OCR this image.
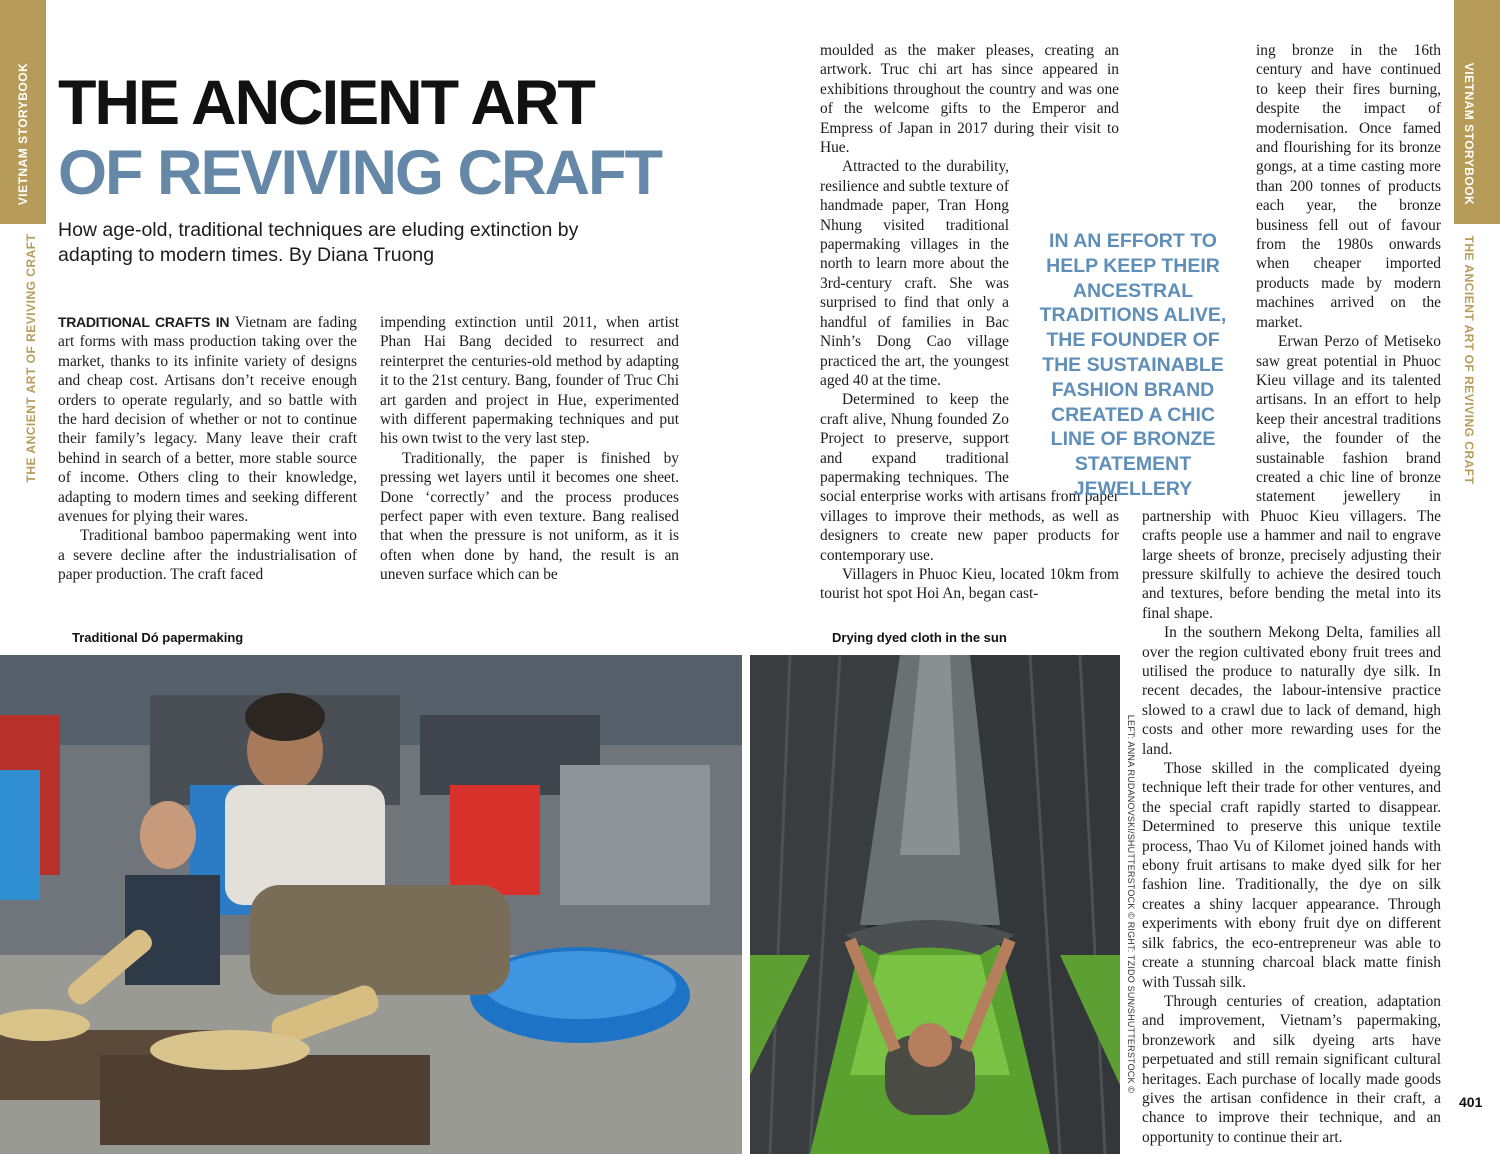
VIETNAM STORYBOOK
THE ANCIENT ART OF REVIVING CRAFT
VIETNAM STORYBOOK
THE ANCIENT ART OF REVIVING CRAFT
THE ANCIENT ART
OF REVIVING CRAFT
How age-old, traditional techniques are eluding extinction by adapting to modern times. By Diana Truong

TRADITIONAL CRAFTS IN Vietnam are fading art forms with mass production taking over the market, thanks to its infinite variety of designs and cheap cost. Artisans don’t receive enough orders to operate regularly, and so battle with the hard decision of whether or not to continue their family’s legacy. Many leave their craft behind in search of a better, more stable source of income. Others cling to their knowledge, adapting to modern times and seeking different avenues for plying their wares.

Traditional bamboo papermaking went into a severe decline after the industrialisation of paper production. The craft faced

impending extinction until 2011, when artist Phan Hai Bang decided to resurrect and reinterpret the centuries-old method by adapting it to the 21st century. Bang, founder of Truc Chi art garden and project in Hue, experimented with different papermaking techniques and put his own twist to the very last step.

Traditionally, the paper is finished by pressing wet layers until it becomes one sheet. Done ‘correctly’ and the process produces perfect paper with even texture. Bang realised that when the pressure is not uniform, as it is often when done by hand, the result is an uneven surface which can be

moulded as the maker pleases, creating an artwork. Truc chi art has since appeared in exhibitions throughout the country and was one of the welcome gifts to the Emperor and Empress of Japan in 2017 during their visit to Hue.

Attracted to the durability, resilience and subtle texture of handmade paper, Tran Hong Nhung visited traditional papermaking villages in the north to learn more about the 3rd-century craft. She was surprised to find that only a handful of families in Bac Ninh’s Dong Cao village practiced the art, the youngest aged 40 at the time.

Determined to keep the craft alive, Nhung founded Zo Project to preserve, support and expand traditional papermaking techniques. The social enterprise works with artisans from paper villages to improve their methods, as well as designers to create new paper products for contemporary use.

Villagers in Phuoc Kieu, located 10km from tourist hot spot Hoi An, began cast-

ing bronze in the 16th century and have continued to keep their fires burning, despite the impact of modernisation. Once famed and flourishing for its bronze gongs, at a time casting more than 200 tonnes of products each year, the bronze business fell out of favour from the 1980s onwards when cheaper imported products made by modern machines arrived on the market.

Erwan Perzo of Metiseko saw great potential in Phuoc Kieu village and its talented artisans. In an effort to help keep their ancestral traditions alive, the founder of the sustainable fashion brand created a chic line of bronze statement jewellery in partnership with Phuoc Kieu villagers. The crafts people use a hammer and nail to engrave large sheets of bronze, precisely adjusting their pressure skilfully to achieve the desired touch and textures, before bending the metal into its final shape.

In the southern Mekong Delta, families all over the region cultivated ebony fruit trees and utilised the produce to naturally dye silk. In recent decades, the labour-intensive practice slowed to a crawl due to lack of demand, high costs and other more rewarding uses for the land.

Those skilled in the complicated dyeing technique left their trade for other ventures, and the special craft rapidly started to disappear. Determined to preserve this unique textile process, Thao Vu of Kilomet joined hands with ebony fruit artisans to make dyed silk for her fashion line. Traditionally, the dye on silk creates a shiny lacquer appearance. Through experiments with ebony fruit dye on different silk fabrics, the eco-entrepreneur was able to create a stunning charcoal black matte finish with Tussah silk.

Through centuries of creation, adaptation and improvement, Vietnam’s papermaking, bronzework and silk dyeing arts have perpetuated and still remain significant cultural heritages. Each purchase of locally made goods gives the artisan confidence in their craft, a chance to improve their technique, and an opportunity to continue their art.

IN AN EFFORT TO HELP KEEP THEIR ANCESTRAL TRADITIONS ALIVE, THE FOUNDER OF THE SUSTAINABLE FASHION BRAND CREATED A CHIC LINE OF BRONZE STATEMENT JEWELLERY
Traditional Dó papermaking	Drying dyed cloth in the sun
LEFT: ANNA RUDANOVSKI/SHUTTERSTOCK © RIGHT: TZIDO SUN/SHUTTERSTOCK ©
401
